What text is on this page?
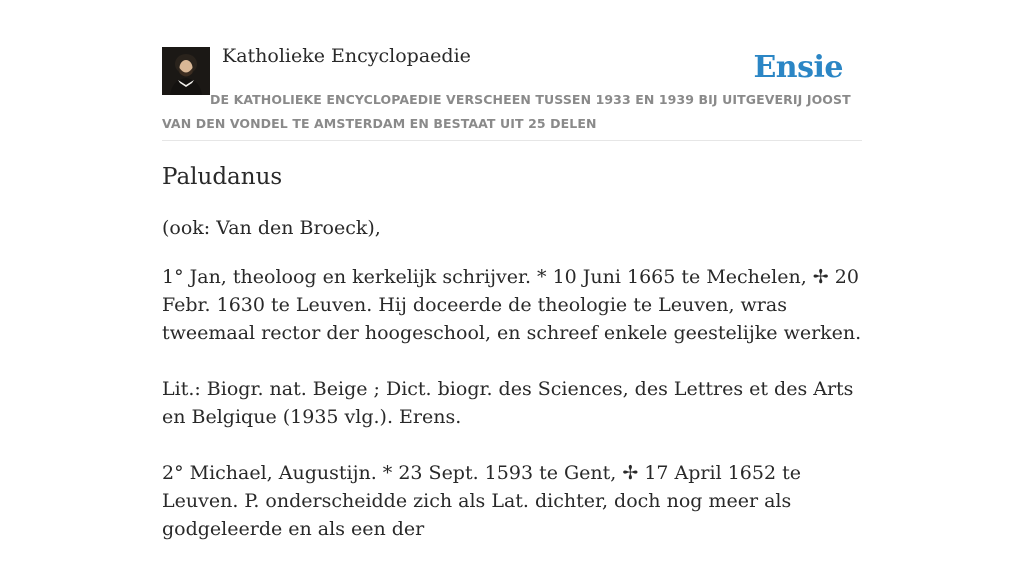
Katholieke Encyclopaedie	Ensie
DE KATHOLIEKE ENCYCLOPAEDIE VERSCHEEN TUSSEN 1933 EN 1939 BIJ UITGEVERIJ JOOST VAN DEN VONDEL TE AMSTERDAM EN BESTAAT UIT 25 DELEN
Paludanus
(ook: Van den Broeck),

1° Jan, theoloog en kerkelijk schrijver. * 10 Juni 1665 te Mechelen, ✢ 20 Febr. 1630 te Leuven. Hij doceerde de theologie te Leuven, wras tweemaal rector der hoogeschool, en schreef enkele geestelijke werken.

Lit.: Biogr. nat. Beige ; Dict. biogr. des Sciences, des Lettres et des Arts en Belgique (1935 vlg.). Erens.

2° Michael, Augustijn. * 23 Sept. 1593 te Gent, ✢ 17 April 1652 te Leuven. P. onderscheidde zich als Lat. dichter, doch nog meer als godgeleerde en als een der
